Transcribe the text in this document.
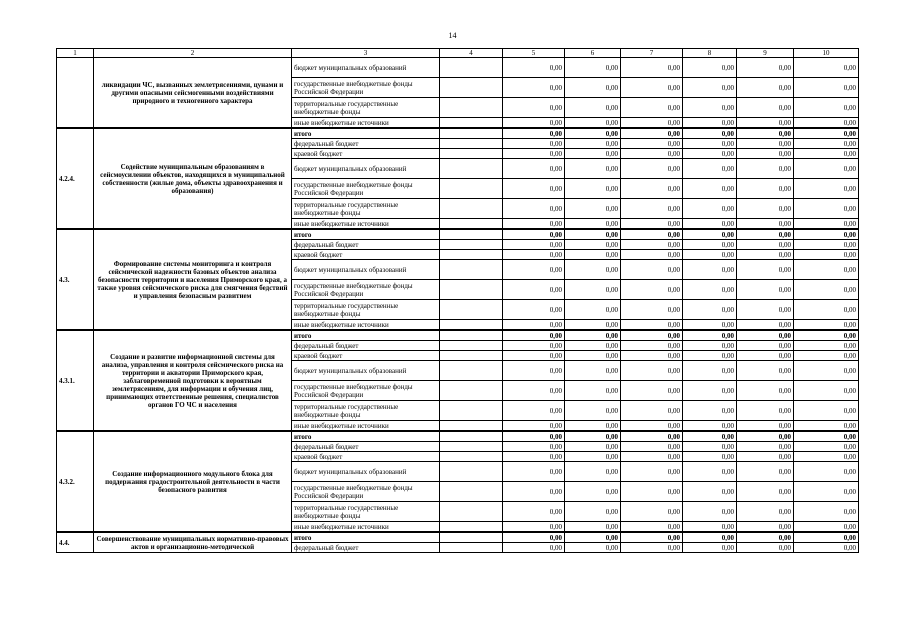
14
1	2	3	4	5	6	7	8	9	10
	ликвидации ЧС, вызванных землетрясениями, цунами и другими опасными сейсмогенными воздействиями природного и техногенного характера	бюджет муниципальных образований		0,00	0,00	0,00	0,00	0,00	0,00
		государственные внебюджетные фонды Российской Федерации		0,00	0,00	0,00	0,00	0,00	0,00
		территориальные государственные внебюджетные фонды		0,00	0,00	0,00	0,00	0,00	0,00
		иные внебюджетные источники		0,00	0,00	0,00	0,00	0,00	0,00
4.2.4.	Содействие муниципальным образованиям в сейсмоусилении объектов, находящихся в муниципальной собственности (жилые дома, объекты здравоохранения и образования)	итого		0,00	0,00	0,00	0,00	0,00	0,00
		федеральный бюджет		0,00	0,00	0,00	0,00	0,00	0,00
		краевой бюджет		0,00	0,00	0,00	0,00	0,00	0,00
		бюджет муниципальных образований		0,00	0,00	0,00	0,00	0,00	0,00
		государственные внебюджетные фонды Российской Федерации		0,00	0,00	0,00	0,00	0,00	0,00
		территориальные государственные внебюджетные фонды		0,00	0,00	0,00	0,00	0,00	0,00
		иные внебюджетные источники		0,00	0,00	0,00	0,00	0,00	0,00
4.3.	Формирование системы мониторинга и контроля сейсмической надежности базовых объектов анализа безопасности территории и населения Приморского края, а также уровня сейсмического риска для смягчения бедствий и управления безопасным развитием	итого		0,00	0,00	0,00	0,00	0,00	0,00
		федеральный бюджет		0,00	0,00	0,00	0,00	0,00	0,00
		краевой бюджет		0,00	0,00	0,00	0,00	0,00	0,00
		бюджет муниципальных образований		0,00	0,00	0,00	0,00	0,00	0,00
		государственные внебюджетные фонды Российской Федерации		0,00	0,00	0,00	0,00	0,00	0,00
		территориальные государственные внебюджетные фонды		0,00	0,00	0,00	0,00	0,00	0,00
		иные внебюджетные источники		0,00	0,00	0,00	0,00	0,00	0,00
4.3.1.	Создание и развитие информационной системы для анализа, управления и контроля сейсмического риска на территории и акватории Приморского края, заблаговременной подготовки к вероятным землетрясениям, для информации и обучения лиц, принимающих ответственные решения, специалистов органов ГО ЧС и населения	итого		0,00	0,00	0,00	0,00	0,00	0,00
		федеральный бюджет		0,00	0,00	0,00	0,00	0,00	0,00
		краевой бюджет		0,00	0,00	0,00	0,00	0,00	0,00
		бюджет муниципальных образований		0,00	0,00	0,00	0,00	0,00	0,00
		государственные внебюджетные фонды Российской Федерации		0,00	0,00	0,00	0,00	0,00	0,00
		территориальные государственные внебюджетные фонды		0,00	0,00	0,00	0,00	0,00	0,00
		иные внебюджетные источники		0,00	0,00	0,00	0,00	0,00	0,00
4.3.2.	Создание информационного модульного блока для поддержания градостроительной деятельности в части безопасного развития	итого		0,00	0,00	0,00	0,00	0,00	0,00
		федеральный бюджет		0,00	0,00	0,00	0,00	0,00	0,00
		краевой бюджет		0,00	0,00	0,00	0,00	0,00	0,00
		бюджет муниципальных образований		0,00	0,00	0,00	0,00	0,00	0,00
		государственные внебюджетные фонды Российской Федерации		0,00	0,00	0,00	0,00	0,00	0,00
		территориальные государственные внебюджетные фонды		0,00	0,00	0,00	0,00	0,00	0,00
		иные внебюджетные источники		0,00	0,00	0,00	0,00	0,00	0,00
4.4.	Совершенствование муниципальных нормативно-правовых актов и организационно-методической	итого		0,00	0,00	0,00	0,00	0,00	0,00
		федеральный бюджет		0,00	0,00	0,00	0,00	0,00	0,00
